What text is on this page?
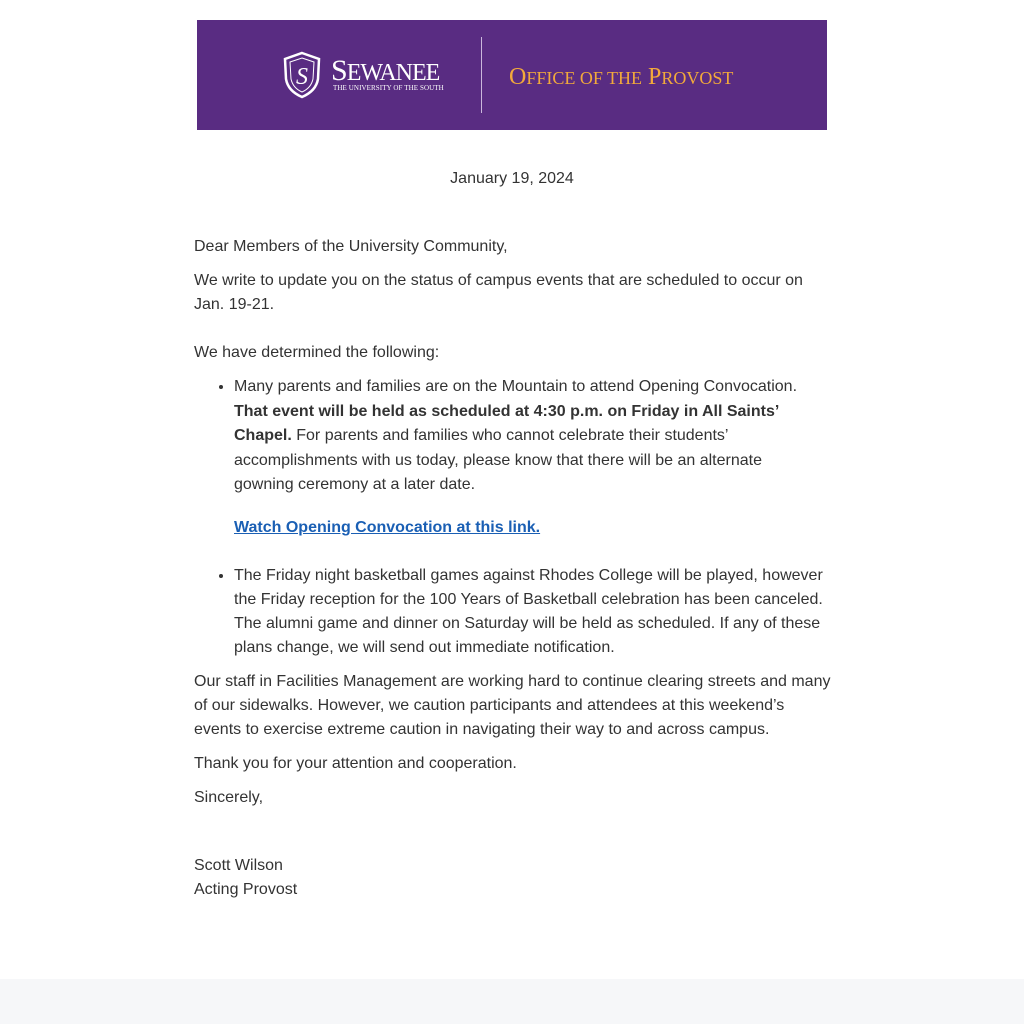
S SEWANEE
THE UNIVERSITY OF THE SOUTH	OFFICE OF THE PROVOST
January 19, 2024

Dear Members of the University Community,

We write to update you on the status of campus events that are scheduled to occur on Jan. 19-21.

We have determined the following:

• Many parents and families are on the Mountain to attend Opening Convocation. That event will be held as scheduled at 4:30 p.m. on Friday in All Saints’ Chapel. For parents and families who cannot celebrate their students’ accomplishments with us today, please know that there will be an alternate gowning ceremony at a later date.
Watch Opening Convocation at this link.
• The Friday night basketball games against Rhodes College will be played, however the Friday reception for the 100 Years of Basketball celebration has been canceled. The alumni game and dinner on Saturday will be held as scheduled. If any of these plans change, we will send out immediate notification.

Our staff in Facilities Management are working hard to continue clearing streets and many of our sidewalks. However, we caution participants and attendees at this weekend’s events to exercise extreme caution in navigating their way to and across campus.

Thank you for your attention and cooperation.

Sincerely,

Scott Wilson
Acting Provost
